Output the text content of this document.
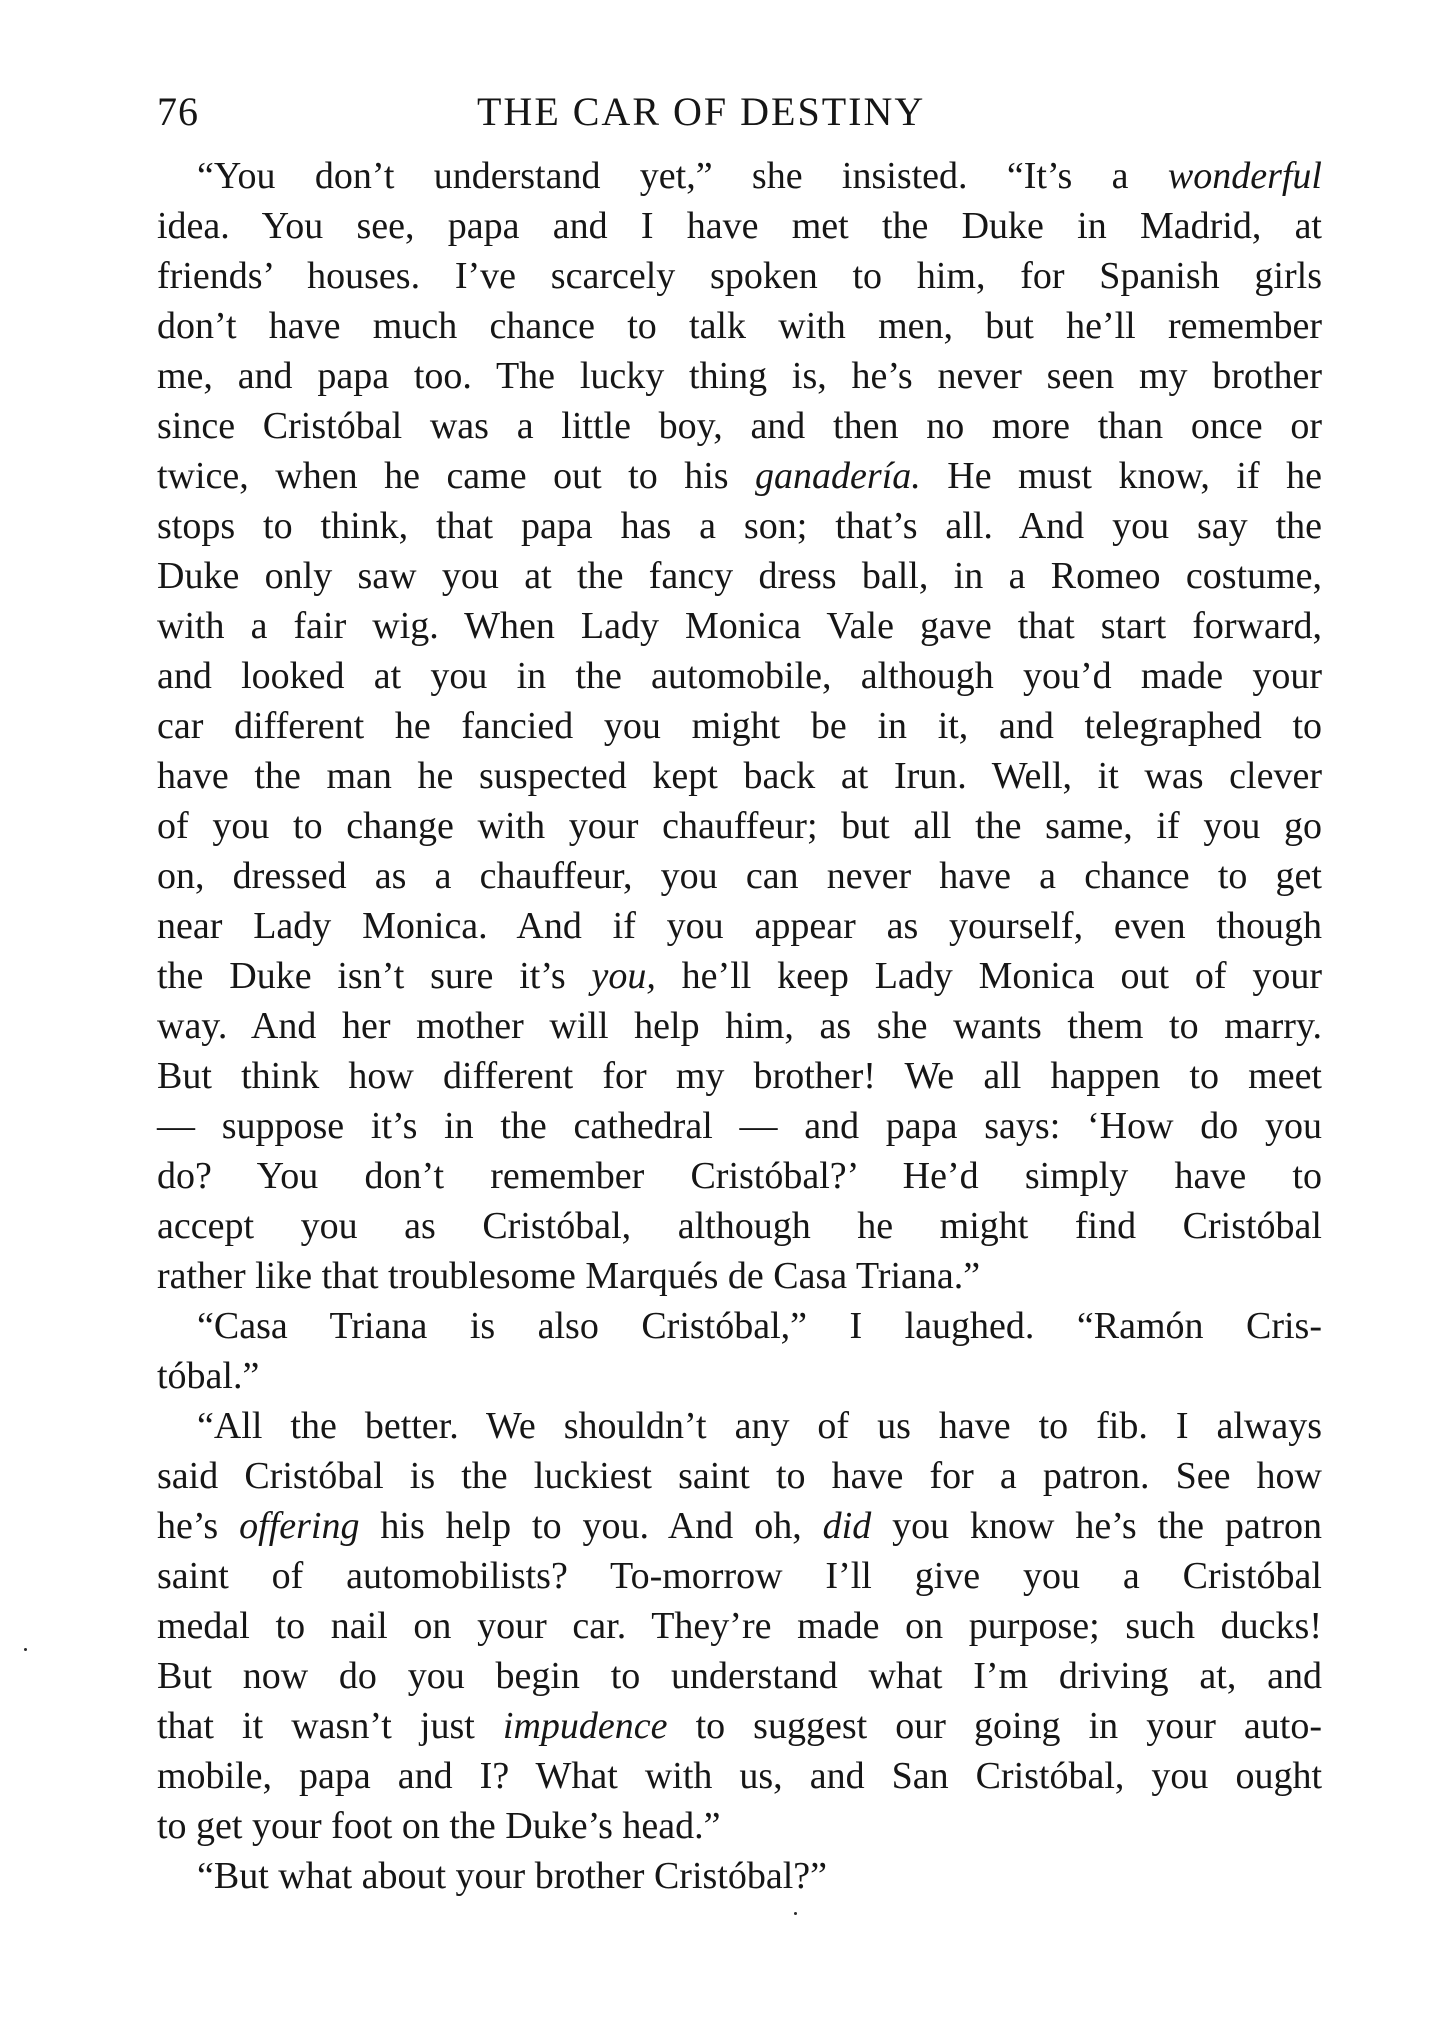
76	THE CAR OF DESTINY
“You don’t understand yet,” she insisted. “It’s a wonderful
idea. You see, papa and I have met the Duke in Madrid, at
friends’ houses. I’ve scarcely spoken to him, for Spanish girls
don’t have much chance to talk with men, but he’ll remember
me, and papa too. The lucky thing is, he’s never seen my brother
since Cristóbal was a little boy, and then no more than once or
twice, when he came out to his ganadería. He must know, if he
stops to think, that papa has a son; that’s all. And you say the
Duke only saw you at the fancy dress ball, in a Romeo costume,
with a fair wig. When Lady Monica Vale gave that start forward,
and looked at you in the automobile, although you’d made your
car different he fancied you might be in it, and telegraphed to
have the man he suspected kept back at Irun. Well, it was clever
of you to change with your chauffeur; but all the same, if you go
on, dressed as a chauffeur, you can never have a chance to get
near Lady Monica. And if you appear as yourself, even though
the Duke isn’t sure it’s you, he’ll keep Lady Monica out of your
way. And her mother will help him, as she wants them to marry.
But think how different for my brother! We all happen to meet
— suppose it’s in the cathedral — and papa says: ‘How do you
do? You don’t remember Cristóbal?’ He’d simply have to
accept you as Cristóbal, although he might find Cristóbal
rather like that troublesome Marqués de Casa Triana.”
“Casa Triana is also Cristóbal,” I laughed. “Ramón Cris-
tóbal.”
“All the better. We shouldn’t any of us have to fib. I always
said Cristóbal is the luckiest saint to have for a patron. See how
he’s offering his help to you. And oh, did you know he’s the patron
saint of automobilists? To-morrow I’ll give you a Cristóbal
medal to nail on your car. They’re made on purpose; such ducks!
But now do you begin to understand what I’m driving at, and
that it wasn’t just impudence to suggest our going in your auto-
mobile, papa and I? What with us, and San Cristóbal, you ought
to get your foot on the Duke’s head.”
“But what about your brother Cristóbal?”
